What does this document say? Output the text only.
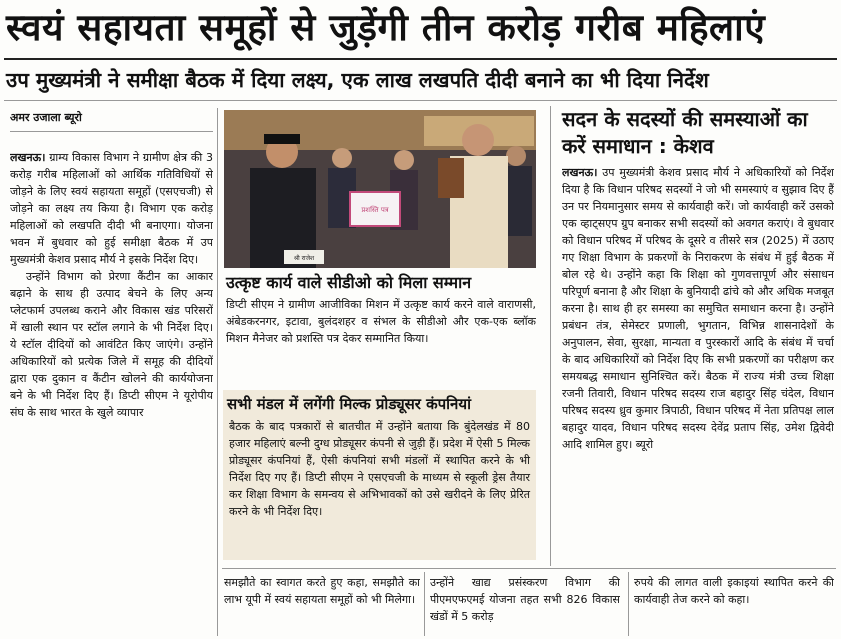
स्वयं सहायता समूहों से जुड़ेंगी तीन करोड़ गरीब महिलाएं
उप मुख्यमंत्री ने समीक्षा बैठक में दिया लक्ष्य, एक लाख लखपति दीदी बनाने का भी दिया निर्देश
अमर उजाला ब्यूरो

लखनऊ। ग्राम्य विकास विभाग ने ग्रामीण क्षेत्र की 3 करोड़ गरीब महिलाओं को आर्थिक गतिविधियों से जोड़ने के लिए स्वयं सहायता समूहों (एसएचजी) से जोड़ने का लक्ष्य तय किया है। विभाग एक करोड़ महिलाओं को लखपति दीदी भी बनाएगा। योजना भवन में बुधवार को हुई समीक्षा बैठक में उप मुख्यमंत्री केशव प्रसाद मौर्य ने इसके निर्देश दिए।

उन्होंने विभाग को प्रेरणा कैंटीन का आकार बढ़ाने के साथ ही उत्पाद बेचने के लिए अन्य प्लेटफार्म उपलब्ध कराने और विकास खंड परिसरों में खाली स्थान पर स्टॉल लगाने के भी निर्देश दिए। ये स्टॉल दीदियों को आवंटित किए जाएंगे। उन्होंने अधिकारियों को प्रत्येक जिले में समूह की दीदियों द्वारा एक दुकान व कैंटीन खोलने की कार्ययोजना बने के भी निर्देश दिए हैं। डिप्टी सीएम ने यूरोपीय संघ के साथ भारत के खुले व्यापार

प्रशस्ति पत्र
श्री राजेश
उत्कृष्ट कार्य वाले सीडीओ को मिला सम्मान

डिप्टी सीएम ने ग्रामीण आजीविका मिशन में उत्कृष्ट कार्य करने वाले वाराणसी, अंबेडकरनगर, इटावा, बुलंदशहर व संभल के सीडीओ और एक-एक ब्लॉक मिशन मैनेजर को प्रशस्ति पत्र देकर सम्मानित किया।

सभी मंडल में लगेंगी मिल्क प्रोड्यूसर कंपनियां

बैठक के बाद पत्रकारों से बातचीत में उन्होंने बताया कि बुंदेलखंड में 80 हजार महिलाएं बल्नी दुग्ध प्रोड्यूसर कंपनी से जुड़ी हैं। प्रदेश में ऐसी 5 मिल्क प्रोड्यूसर कंपनियां हैं, ऐसी कंपनियां सभी मंडलों में स्थापित करने के भी निर्देश दिए गए हैं। डिप्टी सीएम ने एसएचजी के माध्यम से स्कूली ड्रेस तैयार कर शिक्षा विभाग के समन्वय से अभिभावकों को उसे खरीदने के लिए प्रेरित करने के भी निर्देश दिए।

सदन के सदस्यों की समस्याओं का करें समाधान : केशव

लखनऊ। उप मुख्यमंत्री केशव प्रसाद मौर्य ने अधिकारियों को निर्देश दिया है कि विधान परिषद सदस्यों ने जो भी समस्याएं व सुझाव दिए हैं उन पर नियमानुसार समय से कार्यवाही करें। जो कार्यवाही करें उसको एक व्हाट्सएप ग्रुप बनाकर सभी सदस्यों को अवगत कराएं। वे बुधवार को विधान परिषद में परिषद के दूसरे व तीसरे सत्र (2025) में उठाए गए शिक्षा विभाग के प्रकरणों के निराकरण के संबंध में हुई बैठक में बोल रहे थे। उन्होंने कहा कि शिक्षा को गुणवत्तापूर्ण और संसाधन परिपूर्ण बनाना है और शिक्षा के बुनियादी ढांचे को और अधिक मजबूत करना है। साथ ही हर समस्या का समुचित समाधान करना है। उन्होंने प्रबंधन तंत्र, सेमेस्टर प्रणाली, भुगतान, विभिन्न शासनादेशों के अनुपालन, सेवा, सुरक्षा, मान्यता व पुरस्कारों आदि के संबंध में चर्चा के बाद अधिकारियों को निर्देश दिए कि सभी प्रकरणों का परीक्षण कर समयबद्ध समाधान सुनिश्चित करें। बैठक में राज्य मंत्री उच्च शिक्षा रजनी तिवारी, विधान परिषद सदस्य राज बहादुर सिंह चंदेल, विधान परिषद सदस्य ध्रुव कुमार त्रिपाठी, विधान परिषद में नेता प्रतिपक्ष लाल बहादुर यादव, विधान परिषद सदस्य देवेंद्र प्रताप सिंह, उमेश द्विवेदी आदि शामिल हुए। ब्यूरो

समझौते का स्वागत करते हुए कहा, समझौते का लाभ यूपी में स्वयं सहायता समूहों को भी मिलेगा।

उन्होंने खाद्य प्रसंस्करण विभाग की पीएमएफएमई योजना तहत सभी 826 विकास खंडों में 5 करोड़

रुपये की लागत वाली इकाइयां स्थापित करने की कार्यवाही तेज करने को कहा।
